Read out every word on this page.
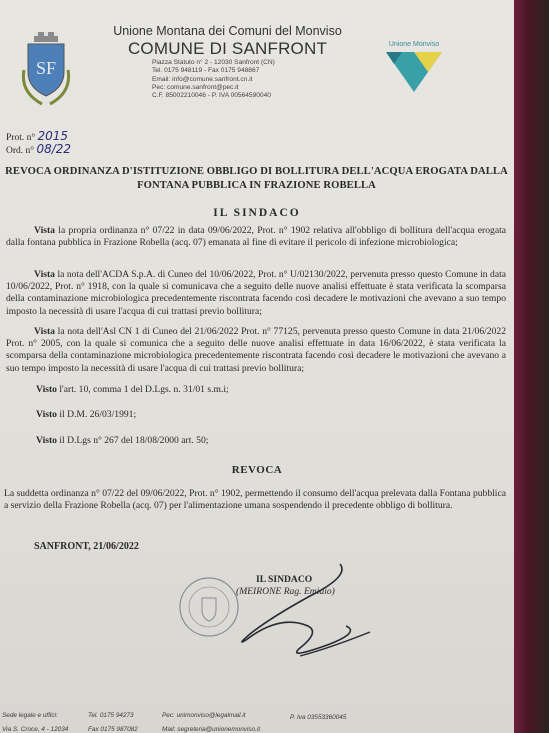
SF
Unione Montana dei Comuni del Monviso
COMUNE DI SANFRONT
Piazza Statuto n° 2 - 12030 Sanfront (CN)
Tel. 0175 948119 - Fax 0175 948867
Email: info@comune.sanfront.cn.it
Pec: comune.sanfront@pec.it
C.F. 85002210046 - P. IVA 00564590040
Unione Monviso
Prot. n° 2015
Ord. n° 08/22
REVOCA ORDINANZA D'ISTITUZIONE OBBLIGO DI BOLLITURA DELL'ACQUA EROGATA DALLA FONTANA PUBBLICA IN FRAZIONE ROBELLA
IL SINDACO
Vista la propria ordinanza n° 07/22 in data 09/06/2022, Prot. n° 1902 relativa all'obbligo di bollitura dell'acqua erogata dalla fontana pubblica in Frazione Robella (acq. 07) emanata al fine di evitare il pericolo di infezione microbiologica;
Vista la nota dell'ACDA S.p.A. di Cuneo del 10/06/2022, Prot. n° U/02130/2022, pervenuta presso questo Comune in data 10/06/2022, Prot. n° 1918, con la quale si comunicava che a seguito delle nuove analisi effettuate è stata verificata la scomparsa della contaminazione microbiologica precedentemente riscontrata facendo così decadere le motivazioni che avevano a suo tempo imposto la necessità di usare l'acqua di cui trattasi previo bollitura;
Vista la nota dell'Asl CN 1 di Cuneo del 21/06/2022 Prot. n° 77125, pervenuta presso questo Comune in data 21/06/2022 Prot. n° 2005, con la quale si comunica che a seguito delle nuove analisi effettuate in data 16/06/2022, è stata verificata la scomparsa della contaminazione microbiologica precedentemente riscontrata facendo così decadere le motivazioni che avevano a suo tempo imposto la necessità di usare l'acqua di cui trattasi previo bollitura;
Visto l'art. 10, comma 1 del D.Lgs. n. 31/01 s.m.i;
Visto il D.M. 26/03/1991;
Visto il D.Lgs n° 267 del 18/08/2000 art. 50;
REVOCA
La suddetta ordinanza n° 07/22 del 09/06/2022, Prot. n° 1902, permettendo il consumo dell'acqua prelevata dalla Fontana pubblica a servizio della Frazione Robella (acq. 07) per l'alimentazione umana sospendendo il precedente obbligo di bollitura.
SANFRONT, 21/06/2022
IL SINDACO
(MEIRONE Rag. Emidio)
Sede legale e uffici:
Via S. Croce, 4 - 12034
Tel. 0175 94273
Fax 0175 987082
Pec: unimonviso@legalmail.it
Mail: segreteria@unionemonviso.it
P. Iva 03553360045
